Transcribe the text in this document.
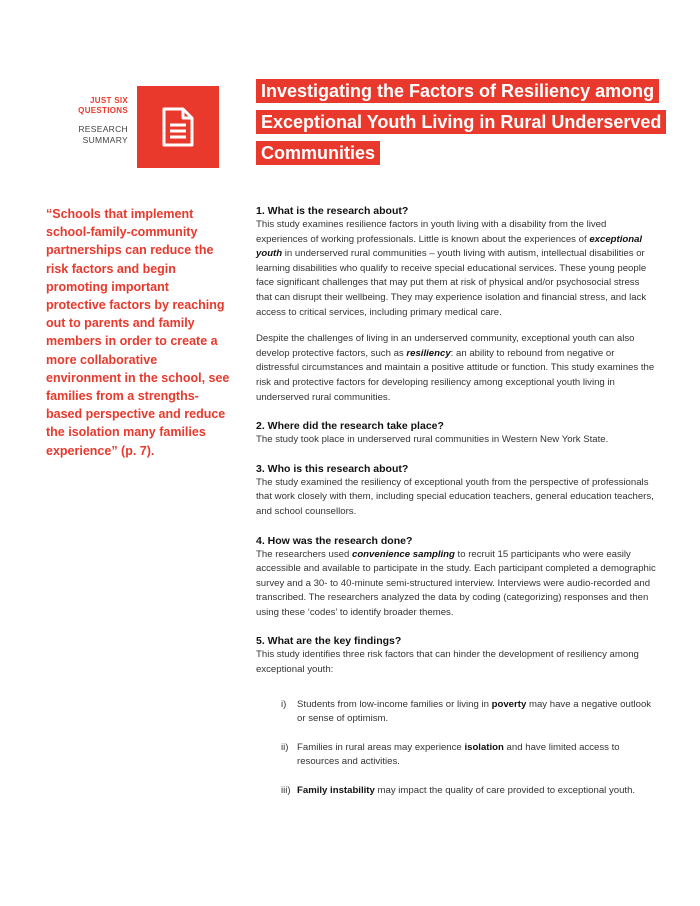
JUST SIX
QUESTIONS
RESEARCH
SUMMARY
Investigating the Factors of Resiliency among
Exceptional Youth Living in Rural Underserved
Communities
“Schools that implement school-family-community partnerships can reduce the risk factors and begin promoting important protective factors by reaching out to parents and family members in order to create a more collaborative environment in the school, see families from a strengths-based perspective and reduce the isolation many families experience” (p. 7).
1. What is the research about?

This study examines resilience factors in youth living with a disability from the lived experiences of working professionals. Little is known about the experiences of exceptional youth in underserved rural communities – youth living with autism, intellectual disabilities or learning disabilities who qualify to receive special educational services. These young people face significant challenges that may put them at risk of physical and/or psychosocial stress that can disrupt their wellbeing. They may experience isolation and financial stress, and lack access to critical services, including primary medical care.

Despite the challenges of living in an underserved community, exceptional youth can also develop protective factors, such as resiliency: an ability to rebound from negative or distressful circumstances and maintain a positive attitude or function. This study examines the risk and protective factors for developing resiliency among exceptional youth living in underserved rural communities.

2. Where did the research take place?

The study took place in underserved rural communities in Western New York State.

3. Who is this research about?

The study examined the resiliency of exceptional youth from the perspective of professionals that work closely with them, including special education teachers, general education teachers, and school counsellors.

4. How was the research done?

The researchers used convenience sampling to recruit 15 participants who were easily accessible and available to participate in the study. Each participant completed a demographic survey and a 30- to 40-minute semi-structured interview. Interviews were audio-recorded and transcribed. The researchers analyzed the data by coding (categorizing) responses and then using these ‘codes’ to identify broader themes.

5. What are the key findings?

This study identifies three risk factors that can hinder the development of resiliency among exceptional youth:

i) Students from low-income families or living in poverty may have a negative outlook or sense of optimism.
ii) Families in rural areas may experience isolation and have limited access to resources and activities.
iii) Family instability may impact the quality of care provided to exceptional youth.
